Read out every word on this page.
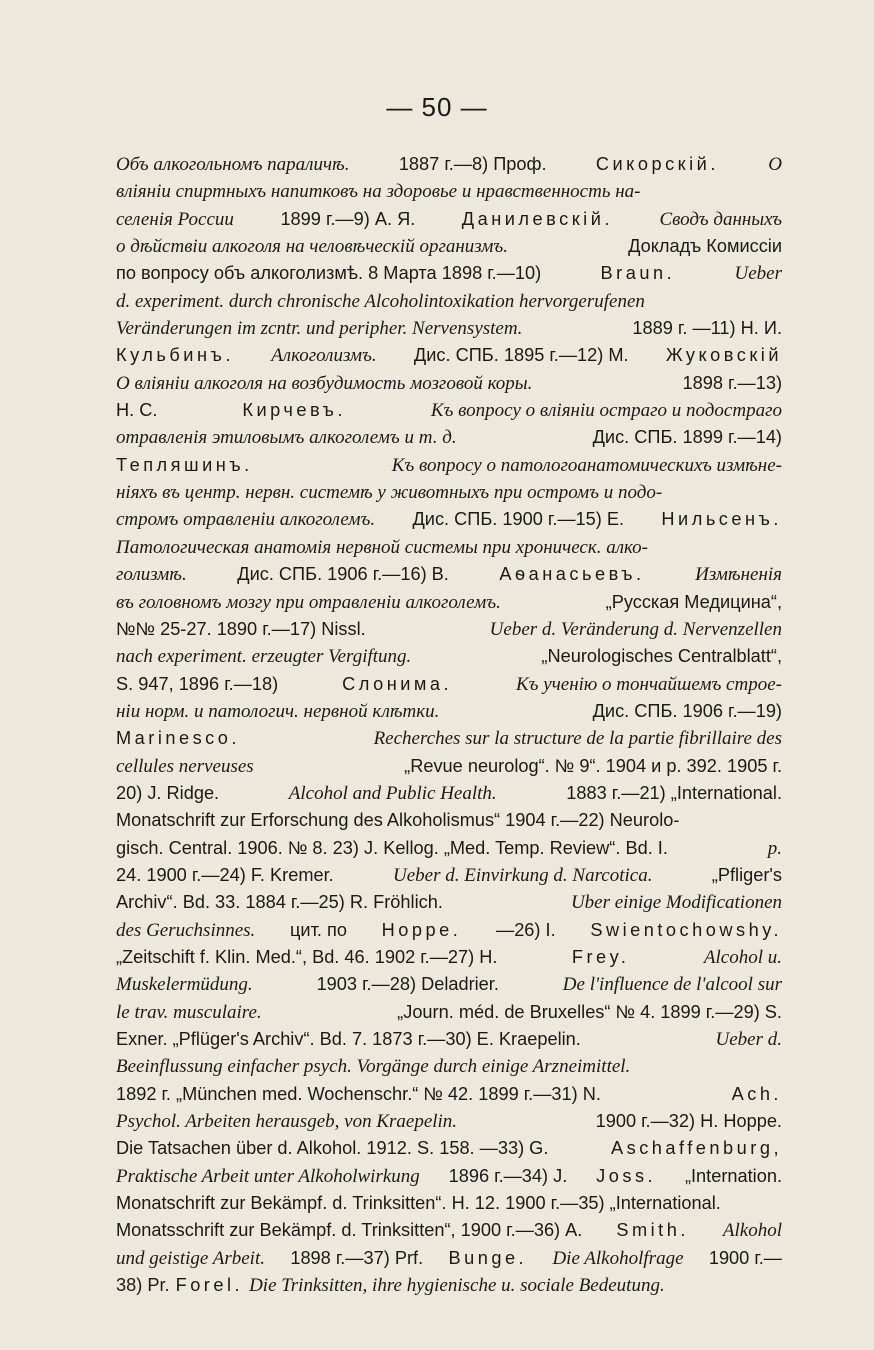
— 50 —
Объ алкогольномъ параличѣ.	1887 г.—8) Проф.	Сикорскій.	О
вліяніи спиртныхъ напитковъ на здоровье и нравственность на-
селенія России	1899 г.—9) А. Я.	Данилевскій. Сводъ данныхъ
о дѣйствіи алкоголя на человѣческій организмъ.	Докладъ Комиссіи
по вопросу объ алкоголизмѣ. 8 Марта 1898 г.—10)	Braun.	Ueber
d. experiment. durch chronische Alcoholintoxikation hervorgerufenen
Veränderungen im zcntr. und peripher. Nervensystem.	1889 г. —11) Н. И.
Кульбинъ. Алкоголизмъ. Дис. СПБ. 1895 г.—12) М. Жуковскій
О вліяніи алкоголя на возбудимость мозговой коры.	1898 г.—13)
Н. С.	Кирчевъ.	Къ вопросу о вліяніи остраго и подостраго
отравленія этиловымъ алкоголемъ и т. д.	Дис. СПБ. 1899 г.—14)
Тепляшинъ.	Къ вопросу о патологоанатомическихъ измѣне-
ніяхъ въ центр. нервн. системѣ у животныхъ при остромъ и подо-
стромъ отравленіи алкоголемъ. Дис. СПБ. 1900 г.—15) Е. Нильсенъ.
Патологическая анатомія нервной системы при хроническ. алко-
голизмѣ.	Дис. СПБ. 1906 г.—16) В.	Аѳанасьевъ.	Измѣненія
въ головномъ мозгу при отравленіи алкоголемъ.	„Русская Медицина“,
№№ 25-27. 1890 г.—17) Nissl.	Ueber d. Veränderung d. Nervenzellen
nach experiment. erzeugter Vergiftung.	„Neurologisches Centralblatt“,
S. 947, 1896 г.—18)	Слонима.	Къ ученію о тончайшемъ строе-
ніи норм. и патологич. нервной клѣтки.	Дис. СПБ. 1906 г.—19)
Marinesco.	Recherches sur la structure de la partie fibrillaire des
cellules nerveuses	„Revue neurolog“. № 9“. 1904 и р. 392. 1905 г.
20) J. Ridge.	Alcohol and Public Health.	1883 г.—21) „International.
Monatschrift zur Erforschung des Alkoholismus“ 1904 г.—22) Neurolo-
gisch. Central. 1906. № 8. 23) J. Kellog. „Med. Temp. Review“. Bd. I.	p.
24. 1900 г.—24) F. Kremer.	Ueber d. Einvirkung d. Narcotica.	„Pfliger's
Archiv“. Bd. 33. 1884 г.—25) R. Fröhlich.	Uber einige Modificationen
des Geruchsinnes. цит. по Hoppe. —26) I. Swientochowshy.
„Zeitschift f. Klin. Med.“, Bd. 46. 1902 г.—27) H.	Frey.	Alcohol u.
Muskelermüdung.	1903 г.—28) Deladrier.	De l'influence de l'alcool sur
le trav. musculaire.	„Journ. méd. de Bruxelles“ № 4. 1899 г.—29) S.
Exner. „Pflüger's Archiv“. Bd. 7. 1873 г.—30) E. Kraepelin.	Ueber d.
Beeinflussung einfacher psych. Vorgänge durch einige Arzneimittel.
1892 г. „München med. Wochenschr.“ № 42. 1899 г.—31) N.	Ach.
Psychol. Arbeiten herausgeb, von Kraepelin.	1900 г.—32) H. Hoppe.
Die Tatsachen über d. Alkohol. 1912. S. 158. —33) G.	Aschaffenburg,
Praktische Arbeit unter Alkoholwirkung 1896 г.—34) J. Joss. „Internation.
Monatschrift zur Bekämpf. d. Trinksitten“. H. 12. 1900 г.—35) „International.
Monatsschrift zur Bekämpf. d. Trinksitten“, 1900 г.—36) A. Smith. Alkohol
und geistige Arbeit. 1898 г.—37) Prf. Bunge. Die Alkoholfrage 1900 г.—
38) Pr. Forel. Die Trinksitten, ihre hygienische u. sociale Bedeutung.
